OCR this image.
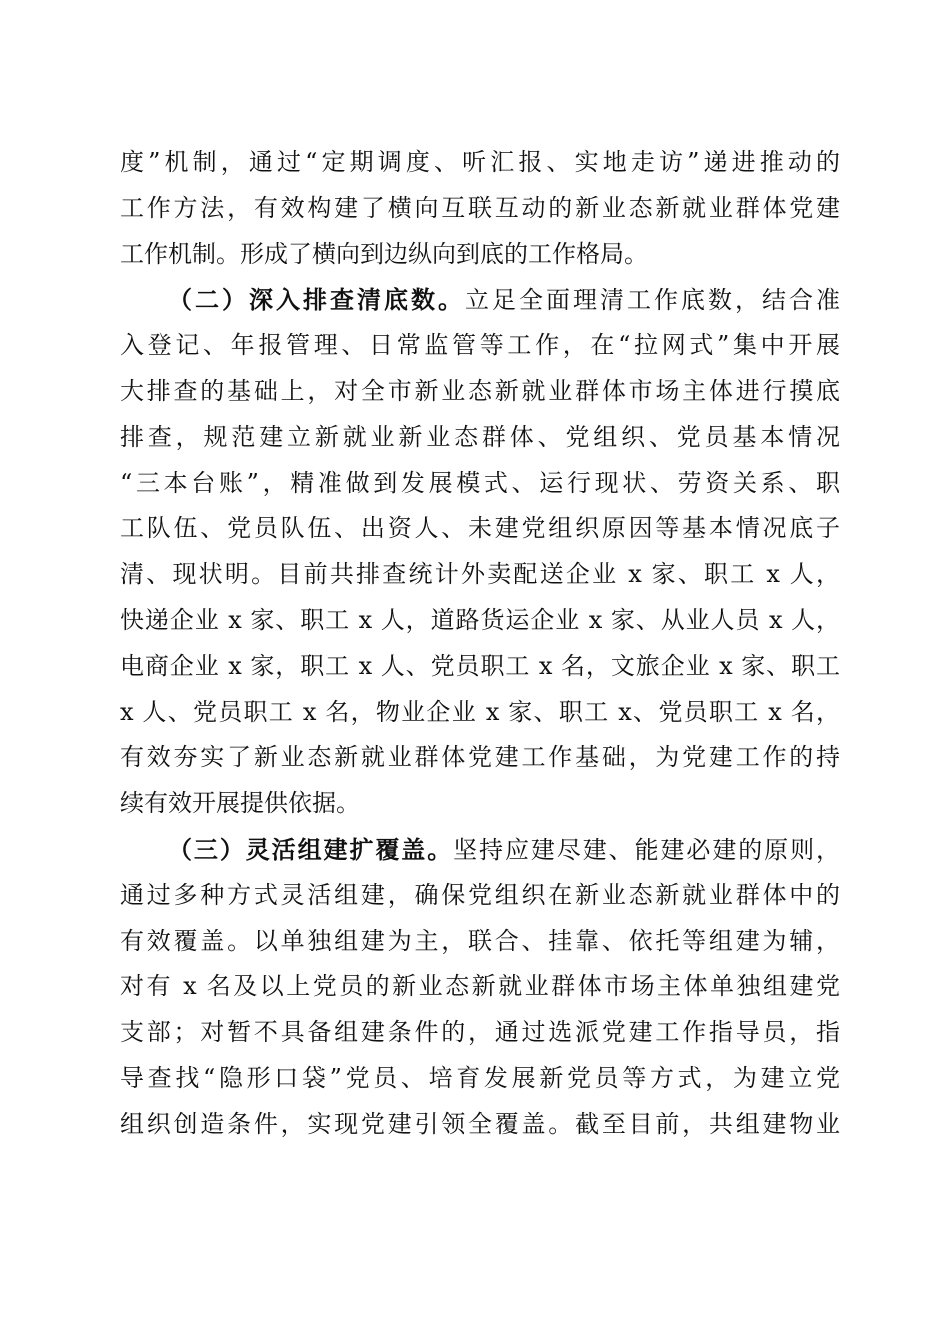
度”机制，通过“定期调度、听汇报、实地走访”递进推动的
工作方法，有效构建了横向互联互动的新业态新就业群体党建
工作机制。形成了横向到边纵向到底的工作格局。
（二）深入排查清底数。立足全面理清工作底数，结合准
入登记、年报管理、日常监管等工作，在“拉网式”集中开展
大排查的基础上，对全市新业态新就业群体市场主体进行摸底
排查，规范建立新就业新业态群体、党组织、党员基本情况
“三本台账”，精准做到发展模式、运行现状、劳资关系、职
工队伍、党员队伍、出资人、未建党组织原因等基本情况底子
清、现状明。目前共排查统计外卖配送企业 x 家、职工 x 人，
快递企业 x 家、职工 x 人，道路货运企业 x 家、从业人员 x 人，
电商企业 x 家，职工 x 人、党员职工 x 名，文旅企业 x 家、职工
x 人、党员职工 x 名，物业企业 x 家、职工 x、党员职工 x 名，
有效夯实了新业态新就业群体党建工作基础，为党建工作的持
续有效开展提供依据。
（三）灵活组建扩覆盖。坚持应建尽建、能建必建的原则，
通过多种方式灵活组建，确保党组织在新业态新就业群体中的
有效覆盖。以单独组建为主，联合、挂靠、依托等组建为辅，
对有 x 名及以上党员的新业态新就业群体市场主体单独组建党
支部；对暂不具备组建条件的，通过选派党建工作指导员，指
导查找“隐形口袋”党员、培育发展新党员等方式，为建立党
组织创造条件，实现党建引领全覆盖。截至目前，共组建物业
